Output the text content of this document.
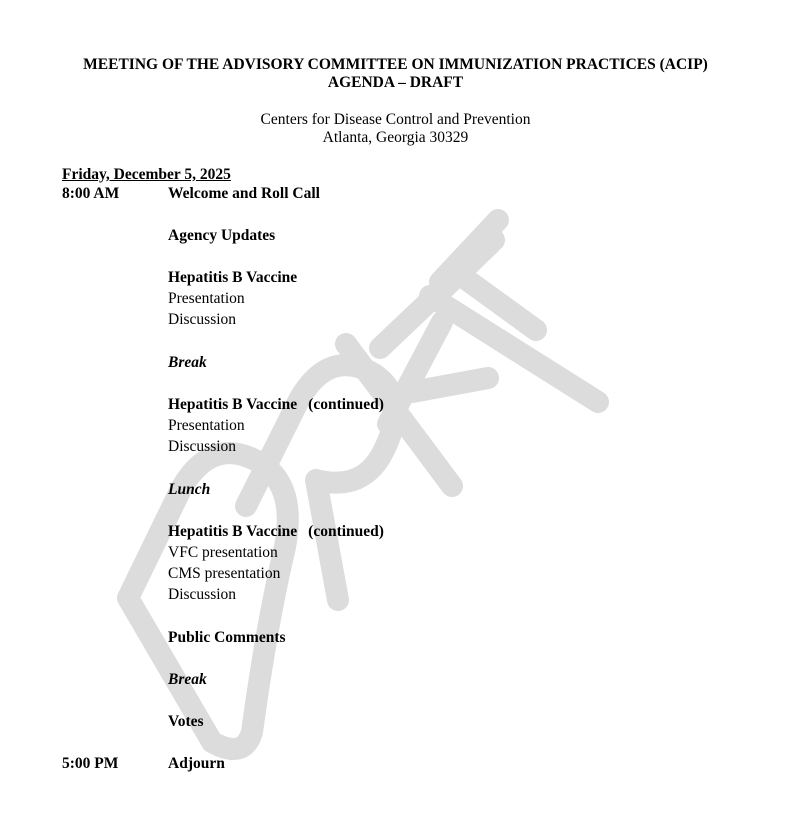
MEETING OF THE ADVISORY COMMITTEE ON IMMUNIZATION PRACTICES (ACIP)
AGENDA – DRAFT
Centers for Disease Control and Prevention
Atlanta, Georgia 30329
Friday, December 5, 2025
8:00 AM	Welcome and Roll Call
Agency Updates
Hepatitis B Vaccine
Presentation
Discussion
Break
Hepatitis B Vaccine (continued)
Presentation
Discussion
Lunch
Hepatitis B Vaccine (continued)
VFC presentation
CMS presentation
Discussion
Public Comments
Break
Votes
5:00 PM	Adjourn
